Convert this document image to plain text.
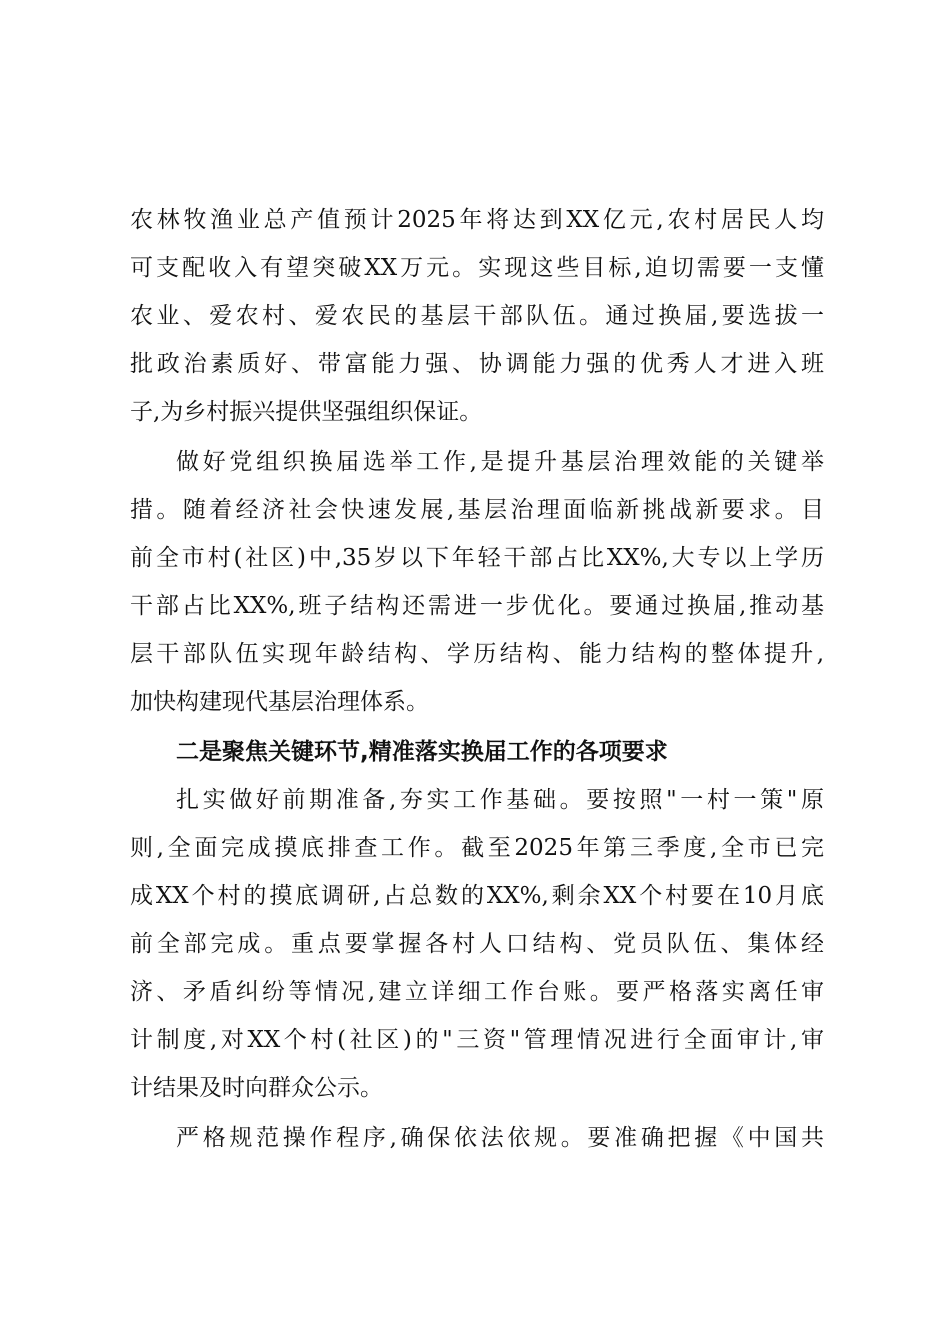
农林牧渔业总产值预计2025年将达到XX亿元,农村居民人均
可支配收入有望突破XX万元。实现这些目标,迫切需要一支懂
农业、爱农村、爱农民的基层干部队伍。通过换届,要选拔一
批政治素质好、带富能力强、协调能力强的优秀人才进入班
子,为乡村振兴提供坚强组织保证。
做好党组织换届选举工作,是提升基层治理效能的关键举
措。随着经济社会快速发展,基层治理面临新挑战新要求。目
前全市村(社区)中,35岁以下年轻干部占比XX%,大专以上学历
干部占比XX%,班子结构还需进一步优化。要通过换届,推动基
层干部队伍实现年龄结构、学历结构、能力结构的整体提升,
加快构建现代基层治理体系。
二是聚焦关键环节,精准落实换届工作的各项要求
扎实做好前期准备,夯实工作基础。要按照"一村一策"原
则,全面完成摸底排查工作。截至2025年第三季度,全市已完
成XX个村的摸底调研,占总数的XX%,剩余XX个村要在10月底
前全部完成。重点要掌握各村人口结构、党员队伍、集体经
济、矛盾纠纷等情况,建立详细工作台账。要严格落实离任审
计制度,对XX个村(社区)的"三资"管理情况进行全面审计,审
计结果及时向群众公示。
严格规范操作程序,确保依法依规。要准确把握《中国共
